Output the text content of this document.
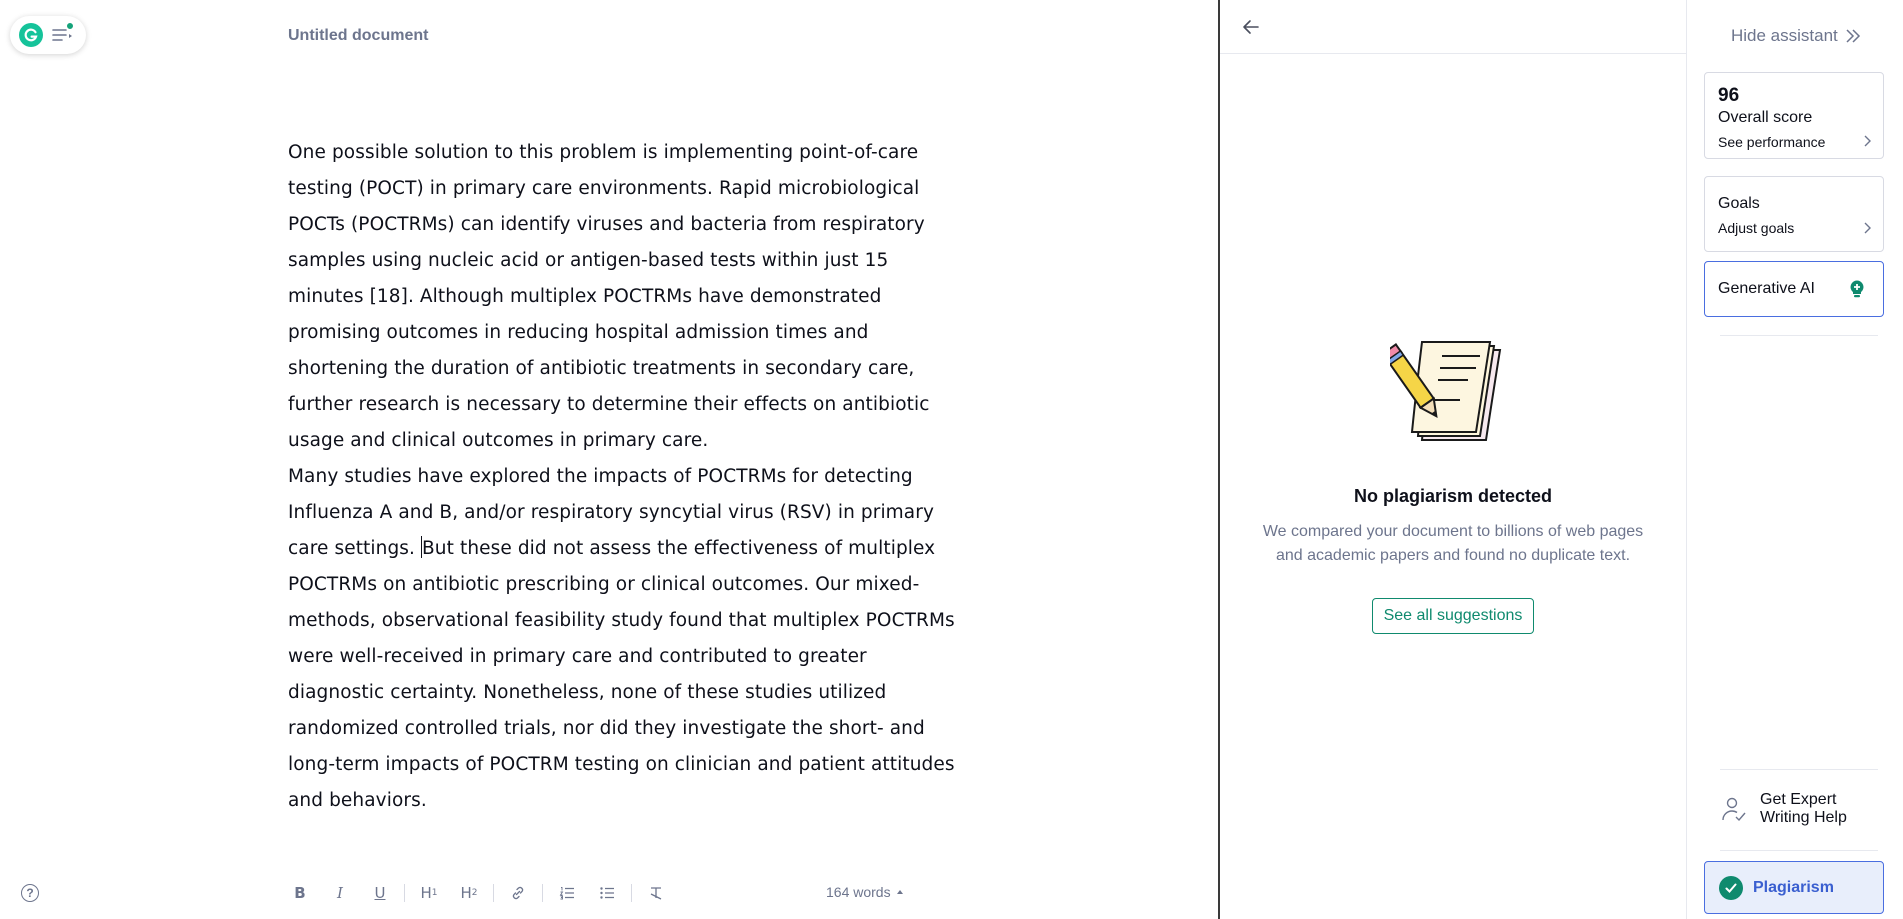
Untitled document

One possible solution to this problem is implementing point-of-care testing (POCT) in primary care environments. Rapid microbiological POCTs (POCTRMs) can identify viruses and bacteria from respiratory samples using nucleic acid or antigen-based tests within just 15 minutes [18]. Although multiplex POCTRMs have demonstrated promising outcomes in reducing hospital admission times and shortening the duration of antibiotic treatments in secondary care, further research is necessary to determine their effects on antibiotic usage and clinical outcomes in primary care.

Many studies have explored the impacts of POCTRMs for detecting Influenza A and B, and/or respiratory syncytial virus (RSV) in primary care settings. But these did not assess the effectiveness of multiplex POCTRMs on antibiotic prescribing or clinical outcomes. Our mixed-methods, observational feasibility study found that multiplex POCTRMs were well-received in primary care and contributed to greater diagnostic certainty. Nonetheless, none of these studies utilized randomized controlled trials, nor did they investigate the short- and long-term impacts of POCTRM testing on clinician and patient attitudes and behaviors.

?	B	I	U	H 1 H 2	164 words
No plagiarism detected
We compared your document to billions of web pages and academic papers and found no duplicate text.
See all suggestions
Hide assistant
96
Overall score
See performance
Goals
Adjust goals
Generative AI
Get Expert
Writing Help
Plagiarism
